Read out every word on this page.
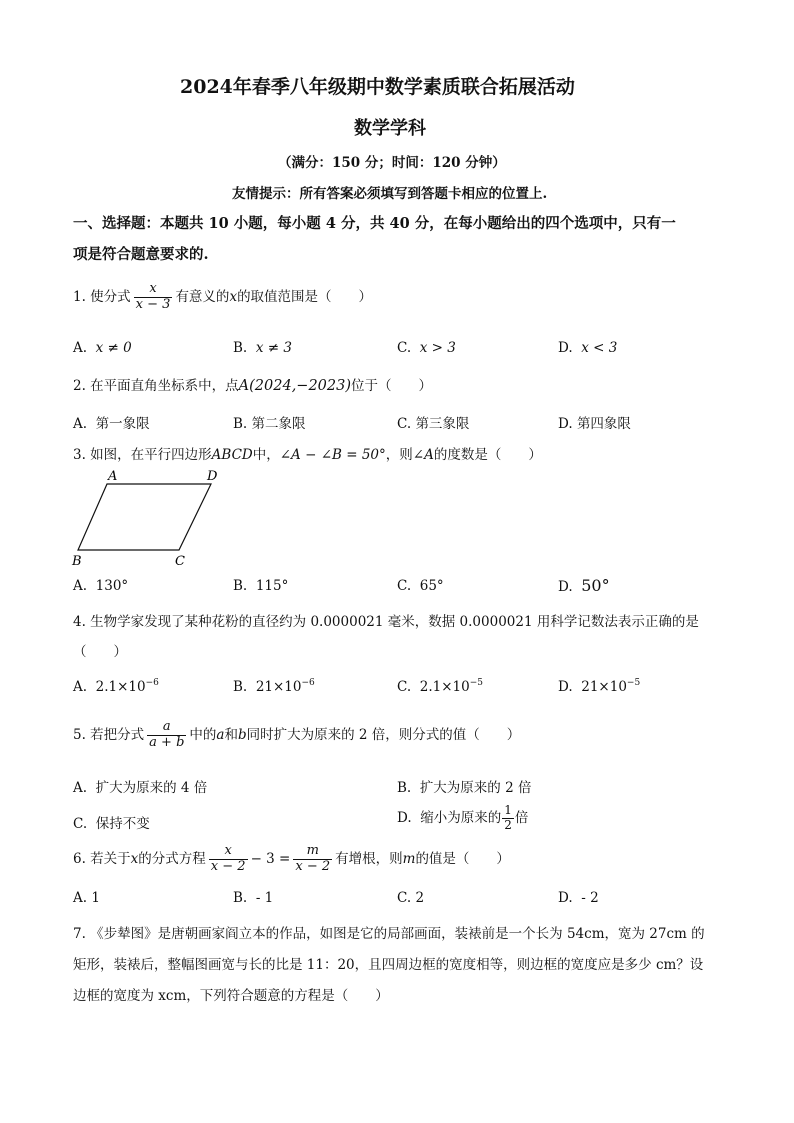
2024年春季八年级期中数学素质联合拓展活动
数学学科
（满分：150 分；时间：120 分钟）
友情提示：所有答案必须填写到答题卡相应的位置上.
一、选择题：本题共 10 小题，每小题 4 分，共 40 分，在每小题给出的四个选项中，只有一
项是符合题意要求的.
1. 使分式 $\frac{x}{x - 3}$ 有意义的x的取值范围是（　　）
A. x ≠ 0	B. x ≠ 3	C. x > 3	D. x < 3
2. 在平面直角坐标系中，点A(2024,−2023)位于（　　）
A. 第一象限	B. 第二象限	C. 第三象限	D. 第四象限
3. 如图，在平行四边形ABCD中，∠A − ∠B = 50°，则∠A的度数是（　　）
A	D
B	C
A. 130°	B. 115°	C. 65°	D. 50°
4. 生物学家发现了某种花粉的直径约为 0.0000021 毫米，数据 0.0000021 用科学记数法表示正确的是
（　　）
A. $2.1\times 10^{-6}$	B. $21\times 10^{-6}$	C. $2.1\times 10^{-5}$	D. $21\times 10^{-5}$
5. 若把分式 $\frac{a}{a + b}$ 中的a和b同时扩大为原来的 2 倍，则分式的值（　　）
A. 扩大为原来的 4 倍	B. 扩大为原来的 2 倍
C. 保持不变	D. 缩小为原来的 $\frac{1}{2}$ 倍
6. 若关于x的分式方程 $\frac{x}{x - 2} - 3 = \frac{m}{x - 2}$ 有增根，则m的值是（　　）
A. 1	B. - 1	C. 2	D. - 2
7. 《步辇图》是唐朝画家阎立本的作品，如图是它的局部画面，装裱前是一个长为 54cm，宽为 27cm 的
矩形，装裱后，整幅图画宽与长的比是 11：20，且四周边框的宽度相等，则边框的宽度应是多少 cm？设
边框的宽度为 xcm，下列符合题意的方程是（　　）
